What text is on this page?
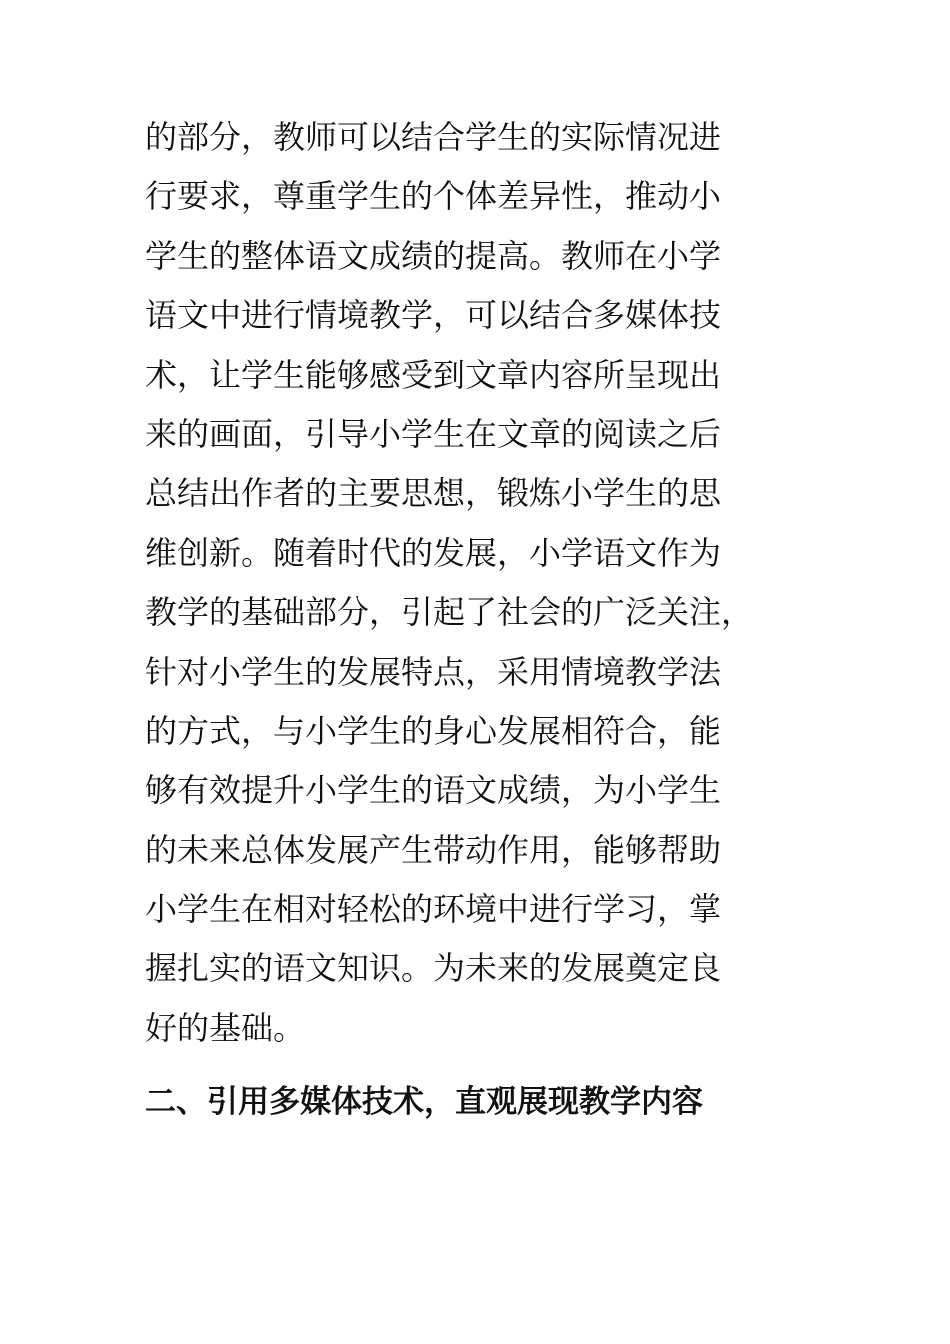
的部分，教师可以结合学生的实际情况进
行要求，尊重学生的个体差异性，推动小
学生的整体语文成绩的提高。教师在小学
语文中进行情境教学，可以结合多媒体技
术，让学生能够感受到文章内容所呈现出
来的画面，引导小学生在文章的阅读之后
总结出作者的主要思想，锻炼小学生的思
维创新。随着时代的发展，小学语文作为
教学的基础部分，引起了社会的广泛关注，
针对小学生的发展特点，采用情境教学法
的方式，与小学生的身心发展相符合，能
够有效提升小学生的语文成绩，为小学生
的未来总体发展产生带动作用，能够帮助
小学生在相对轻松的环境中进行学习，掌
握扎实的语文知识。为未来的发展奠定良
好的基础。
二、引用多媒体技术，直观展现教学内容
